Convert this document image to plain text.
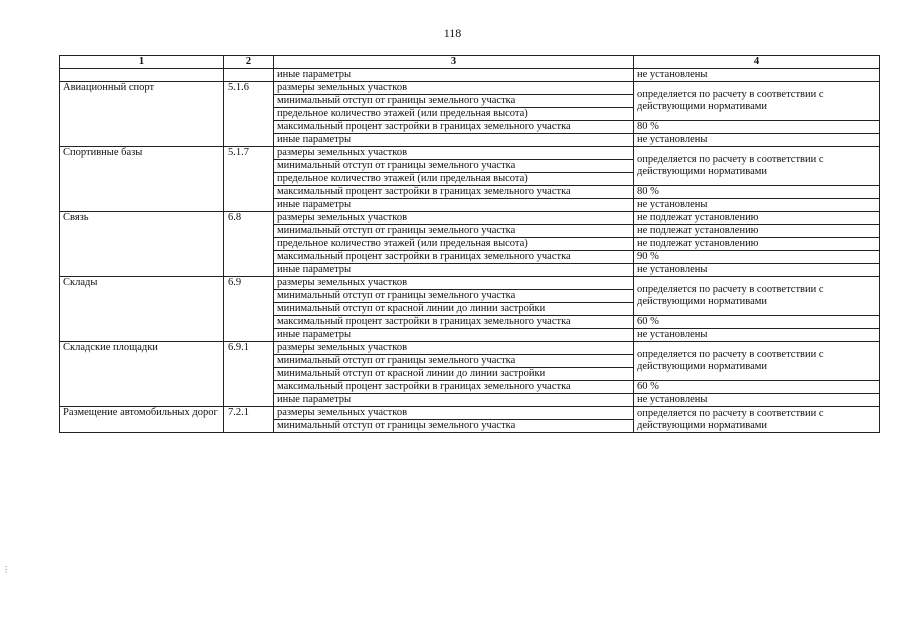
118
1	2	3	4
		иные параметры	не установлены
Авиационный спорт	5.1.6	размеры земельных участков	определяется по расчету в соответствии с действующими нормативами
		минимальный отступ от границы земельного участка	
		предельное количество этажей (или предельная высота)	
		максимальный процент застройки в границах земельного участка	80 %
		иные параметры	не установлены
Спортивные базы	5.1.7	размеры земельных участков	определяется по расчету в соответствии с действующими нормативами
		минимальный отступ от границы земельного участка	
		предельное количество этажей (или предельная высота)	
		максимальный процент застройки в границах земельного участка	80 %
		иные параметры	не установлены
Связь	6.8	размеры земельных участков	не подлежат установлению
		минимальный отступ от границы земельного участка	не подлежат установлению
		предельное количество этажей (или предельная высота)	не подлежат установлению
		максимальный процент застройки в границах земельного участка	90 %
		иные параметры	не установлены
Склады	6.9	размеры земельных участков	определяется по расчету в соответствии с действующими нормативами
		минимальный отступ от границы земельного участка	
		минимальный отступ от красной линии до линии застройки	
		максимальный процент застройки в границах земельного участка	60 %
		иные параметры	не установлены
Складские площадки	6.9.1	размеры земельных участков	определяется по расчету в соответствии с действующими нормативами
		минимальный отступ от границы земельного участка	
		минимальный отступ от красной линии до линии застройки	
		максимальный процент застройки в границах земельного участка	60 %
		иные параметры	не установлены
Размещение автомобильных дорог	7.2.1	размеры земельных участков	определяется по расчету в соответствии с действующими нормативами
		минимальный отступ от границы земельного участка	
⋮
